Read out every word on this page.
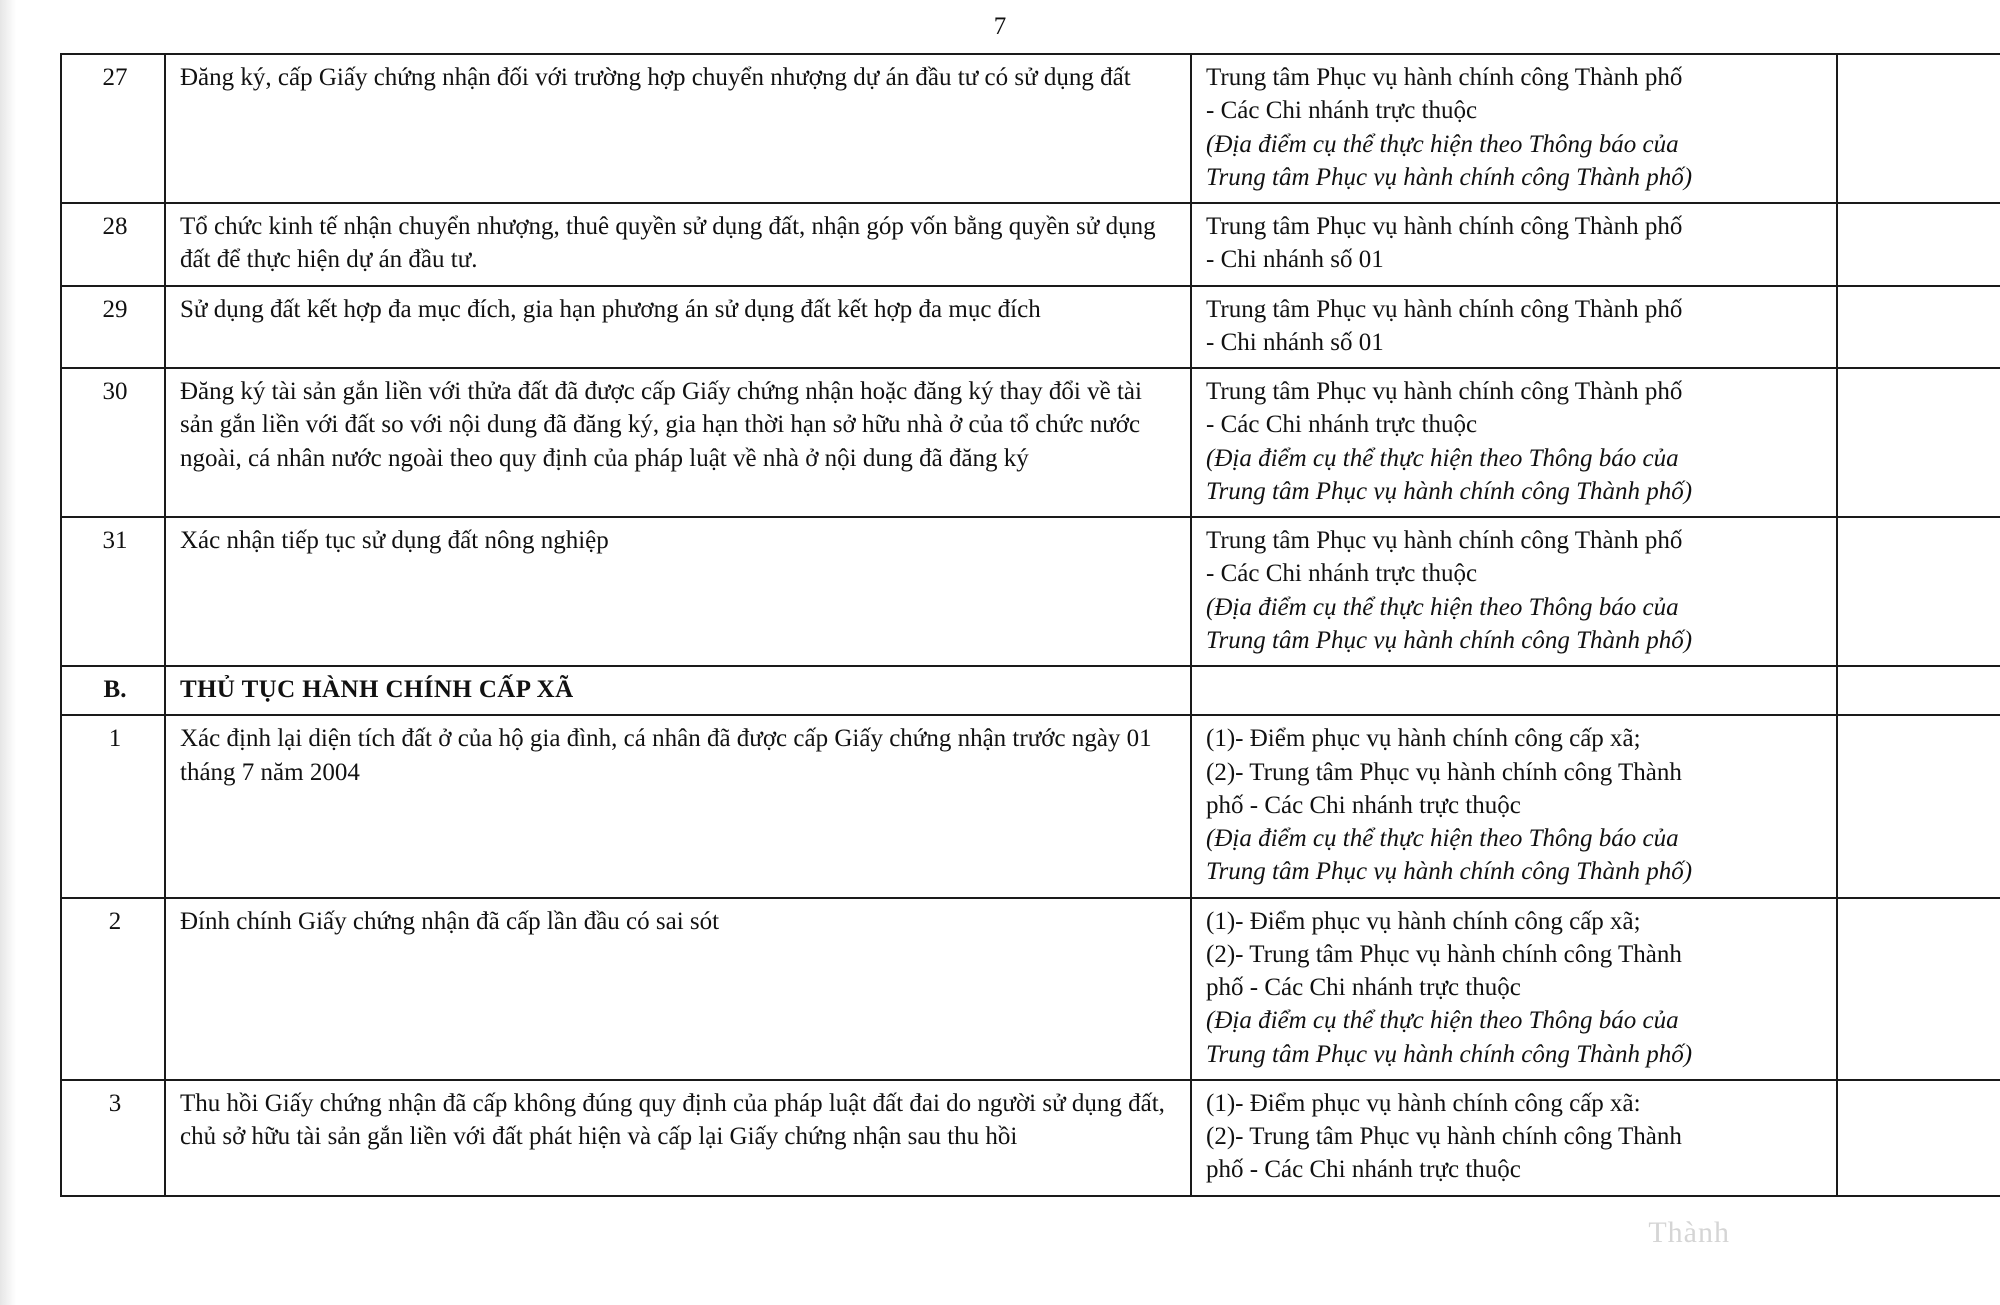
7
27	Đăng ký, cấp Giấy chứng nhận đối với trường hợp chuyển nhượng dự án đầu tư có sử dụng đất	Trung tâm Phục vụ hành chính công Thành phố
- Các Chi nhánh trực thuộc
(Địa điểm cụ thể thực hiện theo Thông báo của
Trung tâm Phục vụ hành chính công Thành phố)	

28	Tổ chức kinh tế nhận chuyển nhượng, thuê quyền sử dụng đất, nhận góp vốn bằng quyền sử dụng đất để thực hiện dự án đầu tư.	Trung tâm Phục vụ hành chính công Thành phố
- Chi nhánh số 01	

29	Sử dụng đất kết hợp đa mục đích, gia hạn phương án sử dụng đất kết hợp đa mục đích	Trung tâm Phục vụ hành chính công Thành phố
- Chi nhánh số 01	

30	Đăng ký tài sản gắn liền với thửa đất đã được cấp Giấy chứng nhận hoặc đăng ký thay đổi về tài sản gắn liền với đất so với nội dung đã đăng ký, gia hạn thời hạn sở hữu nhà ở của tổ chức nước ngoài, cá nhân nước ngoài theo quy định của pháp luật về nhà ở nội dung đã đăng ký	
Trung tâm Phục vụ hành chính công Thành phố
- Các Chi nhánh trực thuộc
(Địa điểm cụ thể thực hiện theo Thông báo của
Trung tâm Phục vụ hành chính công Thành phố)

31	Xác nhận tiếp tục sử dụng đất nông nghiệp	Trung tâm Phục vụ hành chính công Thành phố
- Các Chi nhánh trực thuộc
(Địa điểm cụ thể thực hiện theo Thông báo của
Trung tâm Phục vụ hành chính công Thành phố)	

B.	THỦ TỤC HÀNH CHÍNH CẤP XÃ		
1	Xác định lại diện tích đất ở của hộ gia đình, cá nhân đã được cấp Giấy chứng nhận trước ngày 01 tháng 7 năm 2004	(1)- Điểm phục vụ hành chính công cấp xã;
(2)- Trung tâm Phục vụ hành chính công Thành
phố - Các Chi nhánh trực thuộc
(Địa điểm cụ thể thực hiện theo Thông báo của
Trung tâm Phục vụ hành chính công Thành phố)	

2	Đính chính Giấy chứng nhận đã cấp lần đầu có sai sót	(1)- Điểm phục vụ hành chính công cấp xã;
(2)- Trung tâm Phục vụ hành chính công Thành
phố - Các Chi nhánh trực thuộc
(Địa điểm cụ thể thực hiện theo Thông báo của
Trung tâm Phục vụ hành chính công Thành phố)	

3	Thu hồi Giấy chứng nhận đã cấp không đúng quy định của pháp luật đất đai do người sử dụng đất, chủ sở hữu tài sản gắn liền với đất phát hiện và cấp lại Giấy chứng nhận sau thu hồi	(1)- Điểm phục vụ hành chính công cấp xã:
(2)- Trung tâm Phục vụ hành chính công Thành
phố - Các Chi nhánh trực thuộc	

Thành
